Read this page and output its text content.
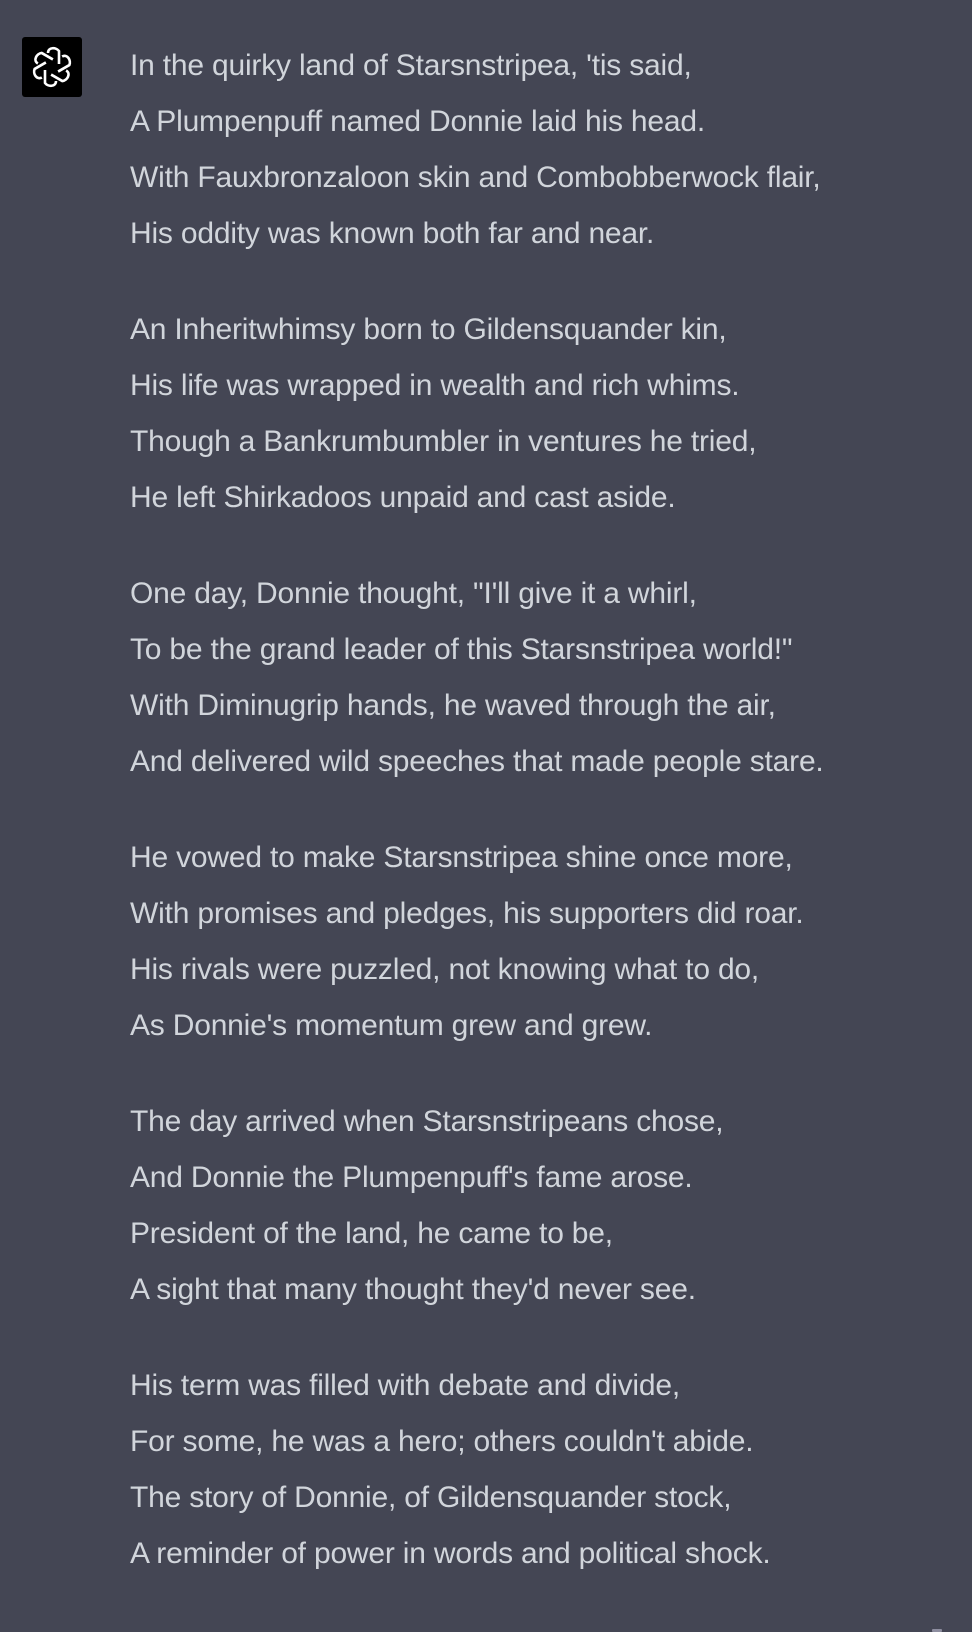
In the quirky land of Starsnstripea, 'tis said,
A Plumpenpuff named Donnie laid his head.
With Fauxbronzaloon skin and Combobberwock flair,
His oddity was known both far and near.
An Inheritwhimsy born to Gildensquander kin,
His life was wrapped in wealth and rich whims.
Though a Bankrumbumbler in ventures he tried,
He left Shirkadoos unpaid and cast aside.
One day, Donnie thought, "I'll give it a whirl,
To be the grand leader of this Starsnstripea world!"
With Diminugrip hands, he waved through the air,
And delivered wild speeches that made people stare.
He vowed to make Starsnstripea shine once more,
With promises and pledges, his supporters did roar.
His rivals were puzzled, not knowing what to do,
As Donnie's momentum grew and grew.
The day arrived when Starsnstripeans chose,
And Donnie the Plumpenpuff's fame arose.
President of the land, he came to be,
A sight that many thought they'd never see.
His term was filled with debate and divide,
For some, he was a hero; others couldn't abide.
The story of Donnie, of Gildensquander stock,
A reminder of power in words and political shock.
